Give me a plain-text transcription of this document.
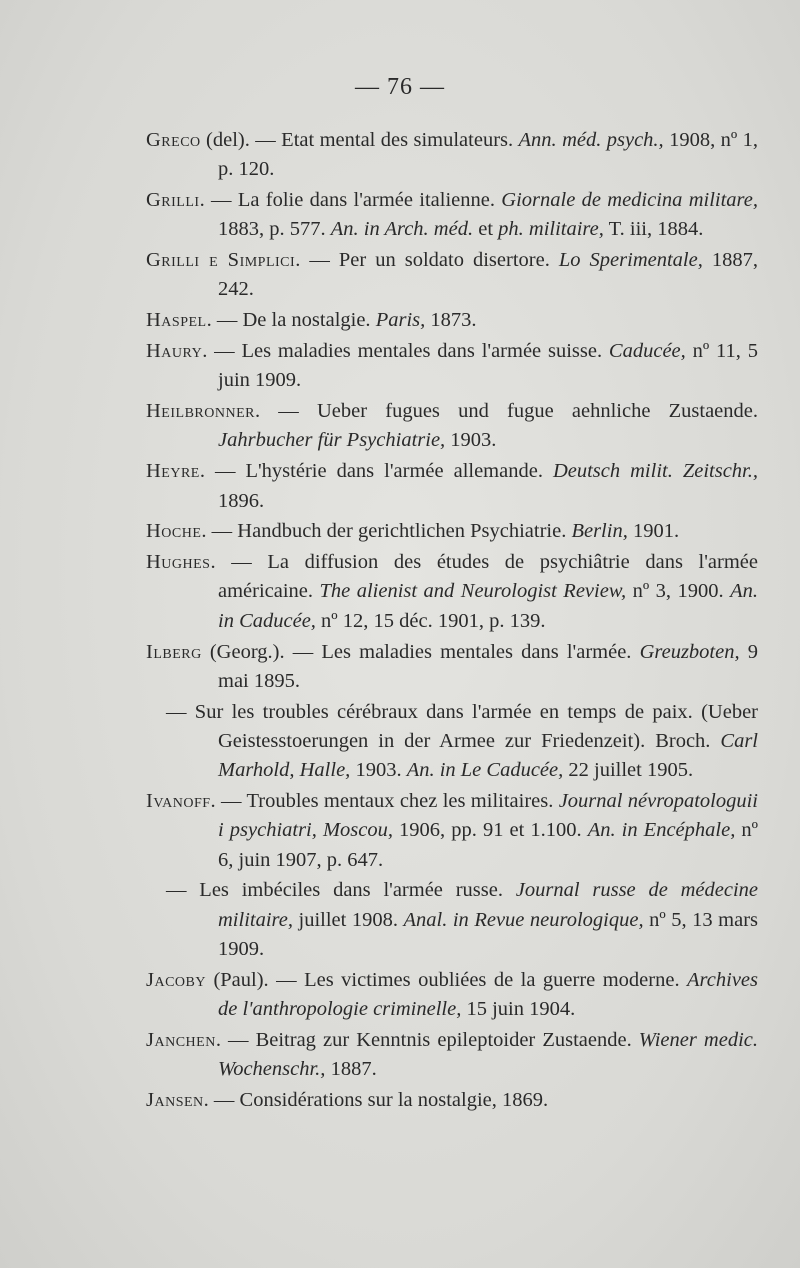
— 76 —

Greco (del). — Etat mental des simulateurs. Ann. méd. psych., 1908, nº 1, p. 120.

Grilli. — La folie dans l'armée italienne. Giornale de medicina militare, 1883, p. 577. An. in Arch. méd. et ph. militaire, T. iii, 1884.

Grilli e Simplici. — Per un soldato disertore. Lo Sperimentale, 1887, 242.

Haspel. — De la nostalgie. Paris, 1873.

Haury. — Les maladies mentales dans l'armée suisse. Caducée, nº 11, 5 juin 1909.

Heilbronner. — Ueber fugues und fugue aehnliche Zustaende. Jahrbucher für Psychiatrie, 1903.

Heyre. — L'hystérie dans l'armée allemande. Deutsch milit. Zeitschr., 1896.

Hoche. — Handbuch der gerichtlichen Psychiatrie. Berlin, 1901.

Hughes. — La diffusion des études de psychiâtrie dans l'armée américaine. The alienist and Neurologist Review, nº 3, 1900. An. in Caducée, nº 12, 15 déc. 1901, p. 139.

Ilberg (Georg.). — Les maladies mentales dans l'armée. Greuzboten, 9 mai 1895.

— Sur les troubles cérébraux dans l'armée en temps de paix. (Ueber Geistesstoerungen in der Armee zur Friedenzeit). Broch. Carl Marhold, Halle, 1903. An. in Le Caducée, 22 juillet 1905.

Ivanoff. — Troubles mentaux chez les militaires. Journal névropatologuii i psychiatri, Moscou, 1906, pp. 91 et 1.100. An. in Encéphale, nº 6, juin 1907, p. 647.

— Les imbéciles dans l'armée russe. Journal russe de médecine militaire, juillet 1908. Anal. in Revue neurologique, nº 5, 13 mars 1909.

Jacoby (Paul). — Les victimes oubliées de la guerre moderne. Archives de l'anthropologie criminelle, 15 juin 1904.

Janchen. — Beitrag zur Kenntnis epileptoider Zustaende. Wiener medic. Wochenschr., 1887.

Jansen. — Considérations sur la nostalgie, 1869.
